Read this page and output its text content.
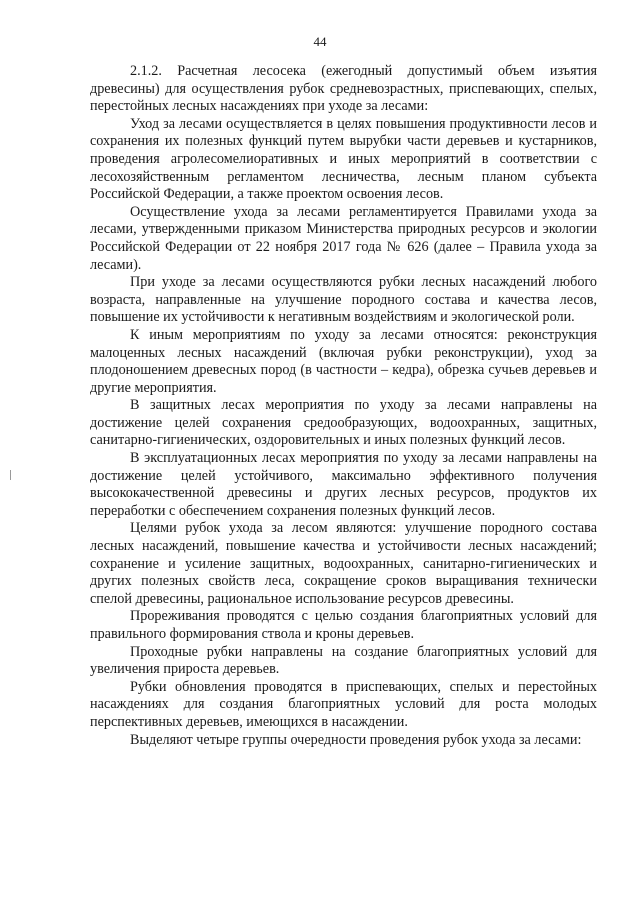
44

2.1.2. Расчетная лесосека (ежегодный допустимый объем изъятия древесины) для осуществления рубок средневозрастных, приспевающих, спелых, перестойных лесных насаждениях при уходе за лесами:

Уход за лесами осуществляется в целях повышения продуктивности лесов и сохранения их полезных функций путем вырубки части деревьев и кустарников, проведения агролесомелиоративных и иных мероприятий в соответствии с лесохозяйственным регламентом лесничества, лесным планом субъекта Российской Федерации, а также проектом освоения лесов.

Осуществление ухода за лесами регламентируется Правилами ухода за лесами, утвержденными приказом Министерства природных ресурсов и экологии Российской Федерации от 22 ноября 2017 года № 626 (далее – Правила ухода за лесами).

При уходе за лесами осуществляются рубки лесных насаждений любого возраста, направленные на улучшение породного состава и качества лесов, повышение их устойчивости к негативным воздействиям и экологической роли.

К иным мероприятиям по уходу за лесами относятся: реконструкция малоценных лесных насаждений (включая рубки реконструкции), уход за плодоношением древесных пород (в частности – кедра), обрезка сучьев деревьев и другие мероприятия.

В защитных лесах мероприятия по уходу за лесами направлены на достижение целей сохранения средообразующих, водоохранных, защитных, санитарно-гигиенических, оздоровительных и иных полезных функций лесов.

В эксплуатационных лесах мероприятия по уходу за лесами направлены на достижение целей устойчивого, максимально эффективного получения высококачественной древесины и других лесных ресурсов, продуктов их переработки с обеспечением сохранения полезных функций лесов.

Целями рубок ухода за лесом являются: улучшение породного состава лесных насаждений, повышение качества и устойчивости лесных насаждений; сохранение и усиление защитных, водоохранных, санитарно-гигиенических и других полезных свойств леса, сокращение сроков выращивания технически спелой древесины, рациональное использование ресурсов древесины.

Прореживания проводятся с целью создания благоприятных условий для правильного формирования ствола и кроны деревьев.

Проходные рубки направлены на создание благоприятных условий для увеличения прироста деревьев.

Рубки обновления проводятся в приспевающих, спелых и перестойных насаждениях для создания благоприятных условий для роста молодых перспективных деревьев, имеющихся в насаждении.

Выделяют четыре группы очередности проведения рубок ухода за лесами:
